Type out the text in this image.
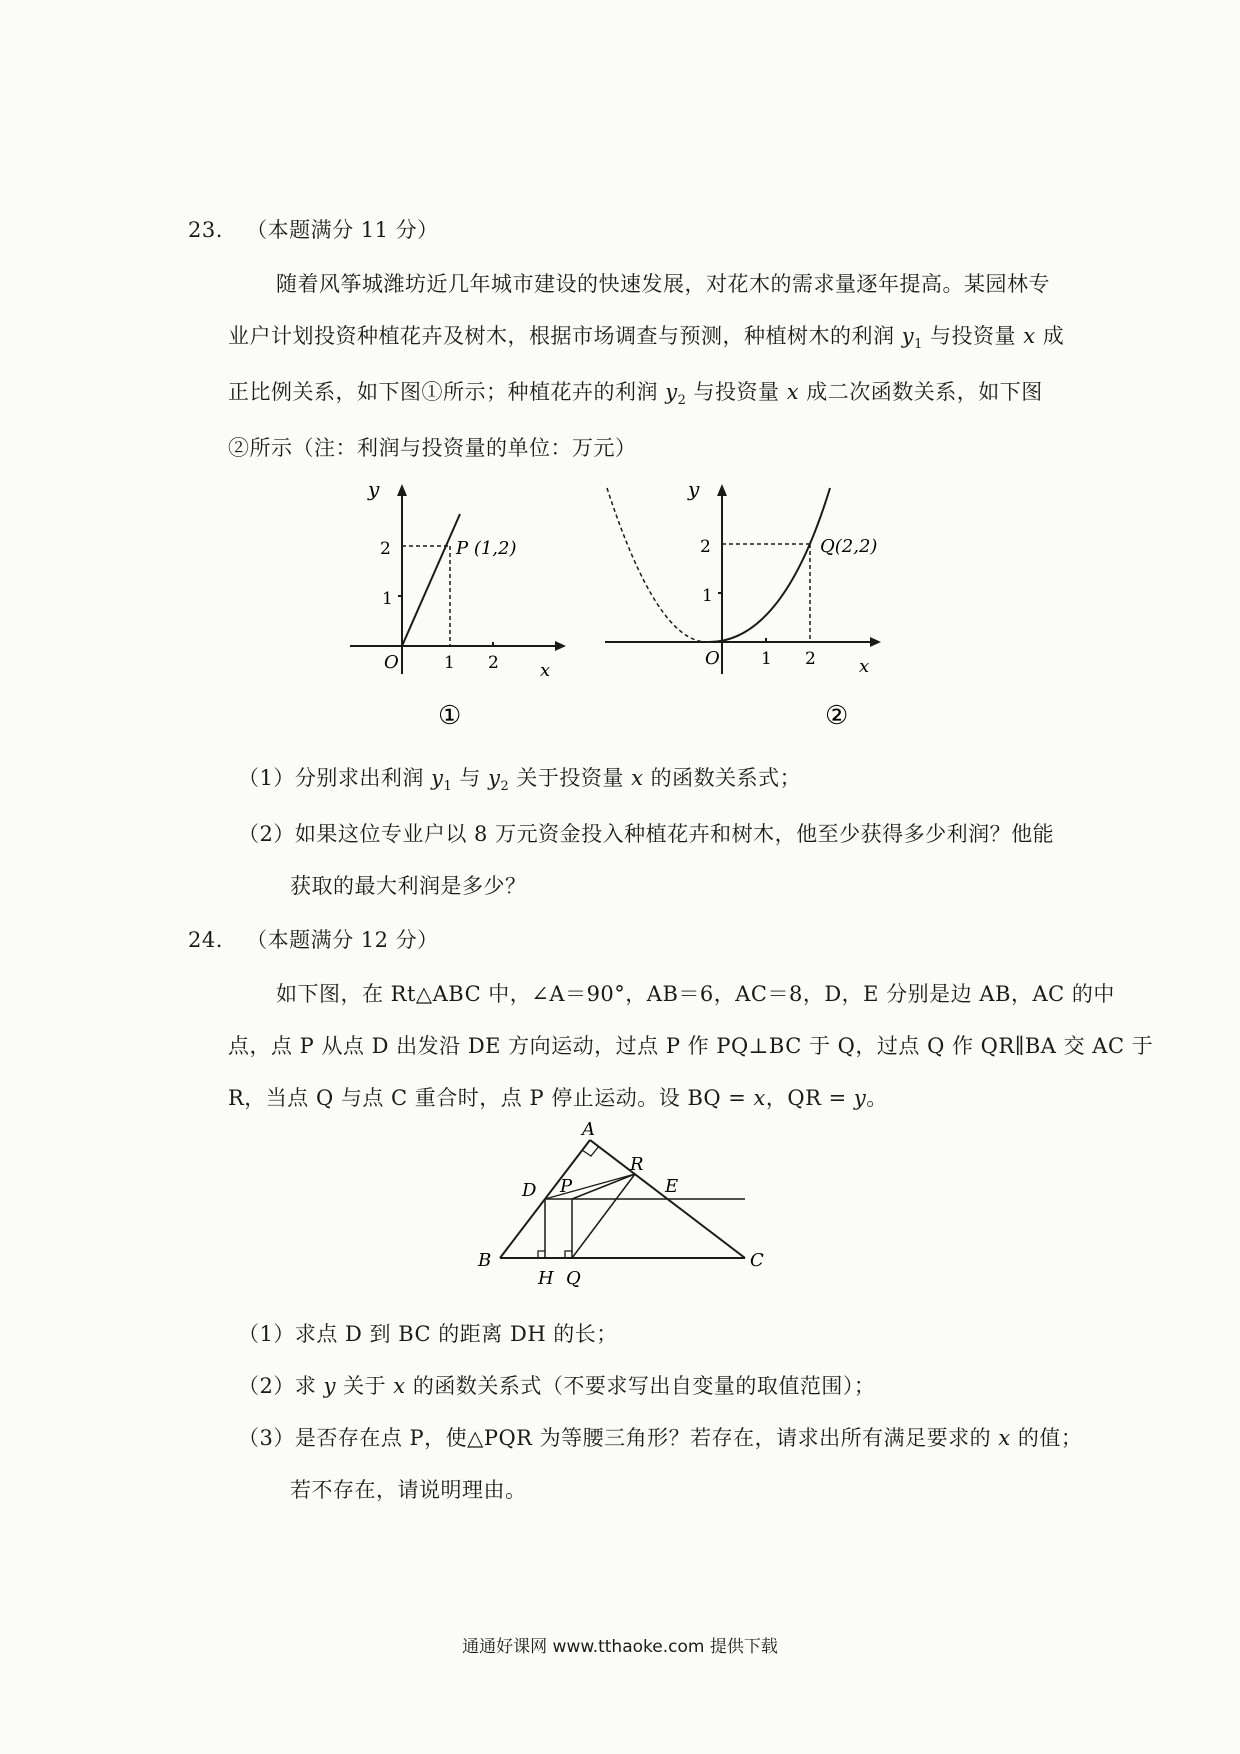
23. （本题满分 11 分）
随着风筝城潍坊近几年城市建设的快速发展，对花木的需求量逐年提高。某园林专
业户计划投资种植花卉及树木，根据市场调查与预测，种植树木的利润 $y_1$ 与投资量 x 成
正比例关系，如下图①所示；种植花卉的利润 $y_2$ 与投资量 x 成二次函数关系，如下图
②所示（注：利润与投资量的单位：万元）
y
2
1
O	1 2 x
P (1,2)
①
y
2
1
O 1 2 x
Q(2,2)
②
（1）分别求出利润 $y_1$ 与 $y_2$ 关于投资量 x 的函数关系式；
（2）如果这位专业户以 8 万元资金投入种植花卉和树木，他至少获得多少利润？他能
获取的最大利润是多少？
24. （本题满分 12 分）
如下图，在 Rt△ABC 中，∠A＝90°，AB＝6，AC＝8，D，E 分别是边 AB，AC 的中
点，点 P 从点 D 出发沿 DE 方向运动，过点 P 作 PQ⊥BC 于 Q，过点 Q 作 QR∥BA 交 AC 于
R，当点 Q 与点 C 重合时，点 P 停止运动。设 BQ = x，QR = y。
A
B	C
D P
R
E
H Q
（1）求点 D 到 BC 的距离 DH 的长；
（2）求 y 关于 x 的函数关系式（不要求写出自变量的取值范围）；
（3）是否存在点 P，使△PQR 为等腰三角形？若存在，请求出所有满足要求的 x 的值；
若不存在，请说明理由。
通通好课网 www.tthaoke.com 提供下载
